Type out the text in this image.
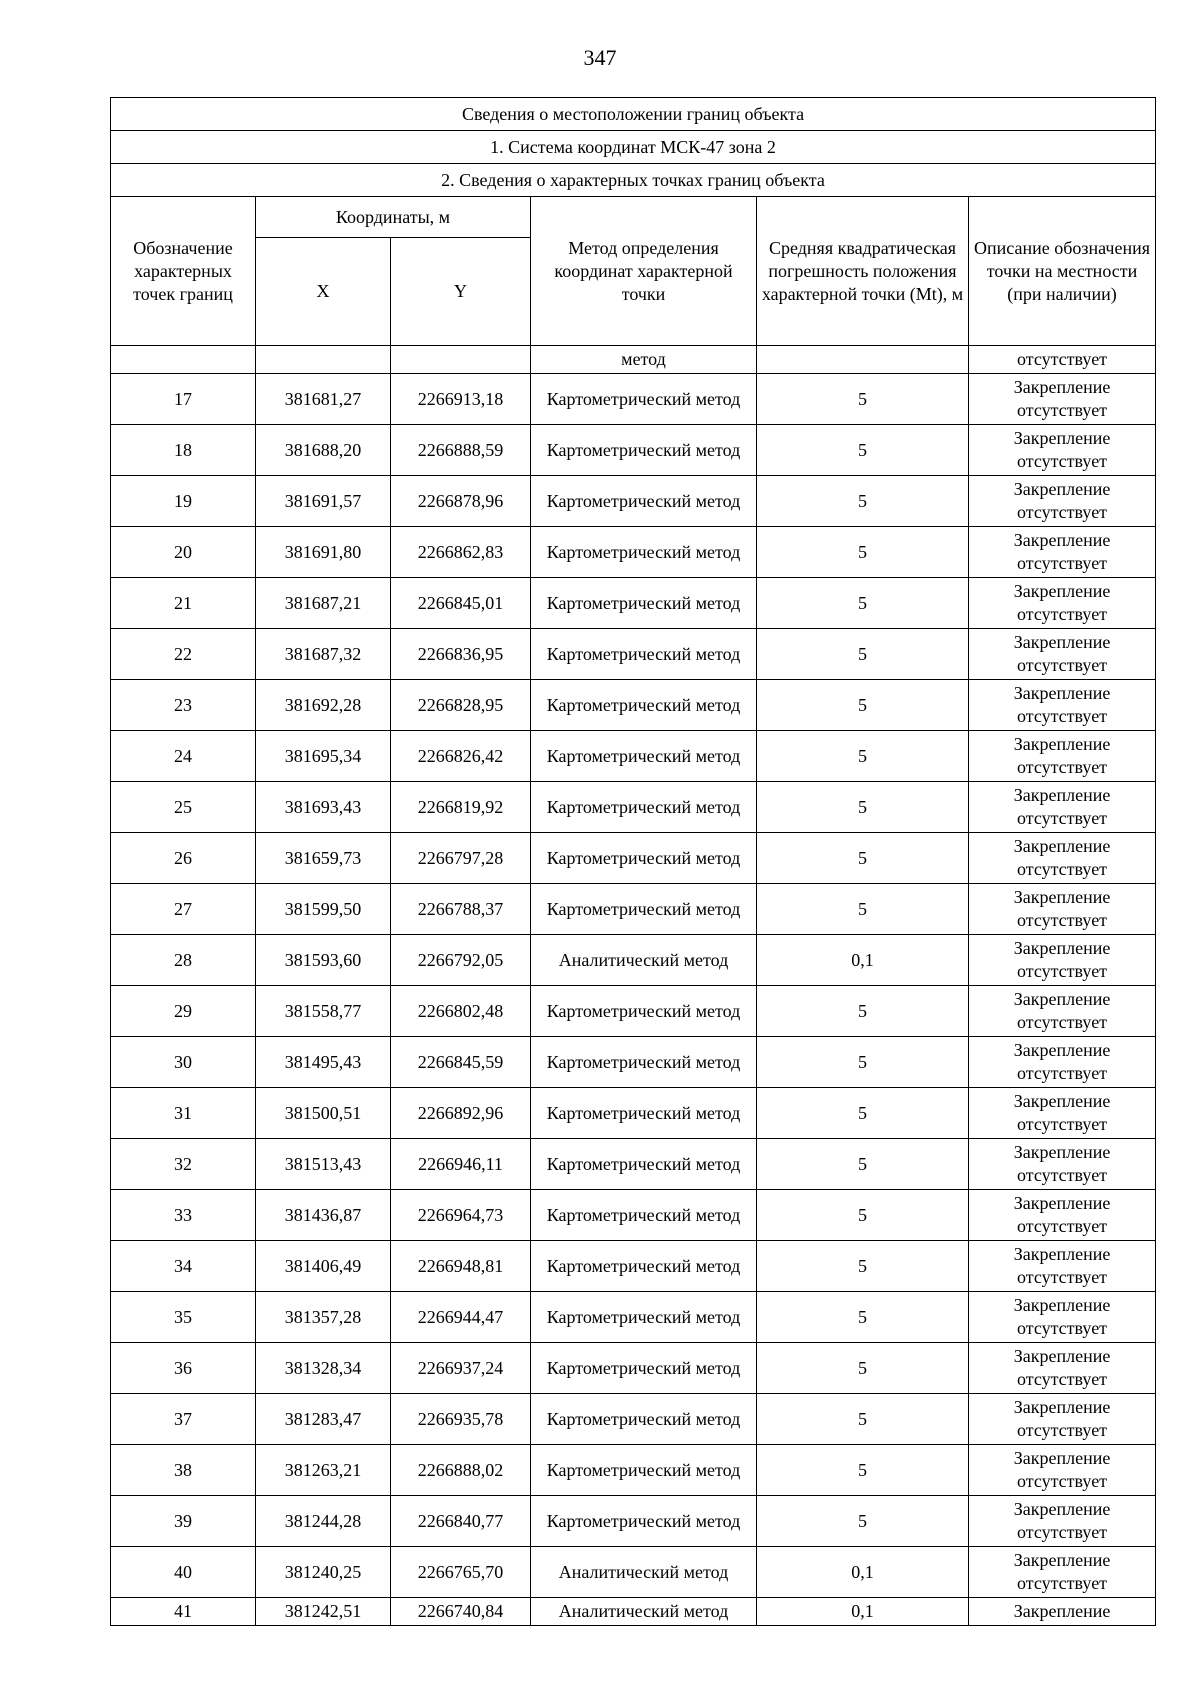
347
Сведения о местоположении границ объекта					
1. Система координат МСК-47 зона 2					
2. Сведения о характерных точках границ объекта					
Обозначение характерных точек границ	Координаты, м		Метод определения координат характерной точки	Средняя квадратическая погрешность положения характерной точки (Mt), м	Описание обозначения точки на местности (при наличии)
	X	Y			
			метод		отсутствует
17	381681,27	2266913,18	Картометрический метод	5	Закрепление отсутствует
18	381688,20	2266888,59	Картометрический метод	5	Закрепление отсутствует
19	381691,57	2266878,96	Картометрический метод	5	Закрепление отсутствует
20	381691,80	2266862,83	Картометрический метод	5	Закрепление отсутствует
21	381687,21	2266845,01	Картометрический метод	5	Закрепление отсутствует
22	381687,32	2266836,95	Картометрический метод	5	Закрепление отсутствует
23	381692,28	2266828,95	Картометрический метод	5	Закрепление отсутствует
24	381695,34	2266826,42	Картометрический метод	5	Закрепление отсутствует
25	381693,43	2266819,92	Картометрический метод	5	Закрепление отсутствует
26	381659,73	2266797,28	Картометрический метод	5	Закрепление отсутствует
27	381599,50	2266788,37	Картометрический метод	5	Закрепление отсутствует
28	381593,60	2266792,05	Аналитический метод	0,1	Закрепление отсутствует
29	381558,77	2266802,48	Картометрический метод	5	Закрепление отсутствует
30	381495,43	2266845,59	Картометрический метод	5	Закрепление отсутствует
31	381500,51	2266892,96	Картометрический метод	5	Закрепление отсутствует
32	381513,43	2266946,11	Картометрический метод	5	Закрепление отсутствует
33	381436,87	2266964,73	Картометрический метод	5	Закрепление отсутствует
34	381406,49	2266948,81	Картометрический метод	5	Закрепление отсутствует
35	381357,28	2266944,47	Картометрический метод	5	Закрепление отсутствует
36	381328,34	2266937,24	Картометрический метод	5	Закрепление отсутствует
37	381283,47	2266935,78	Картометрический метод	5	Закрепление отсутствует
38	381263,21	2266888,02	Картометрический метод	5	Закрепление отсутствует
39	381244,28	2266840,77	Картометрический метод	5	Закрепление отсутствует
40	381240,25	2266765,70	Аналитический метод	0,1	Закрепление отсутствует
41	381242,51	2266740,84	Аналитический метод	0,1	Закрепление
